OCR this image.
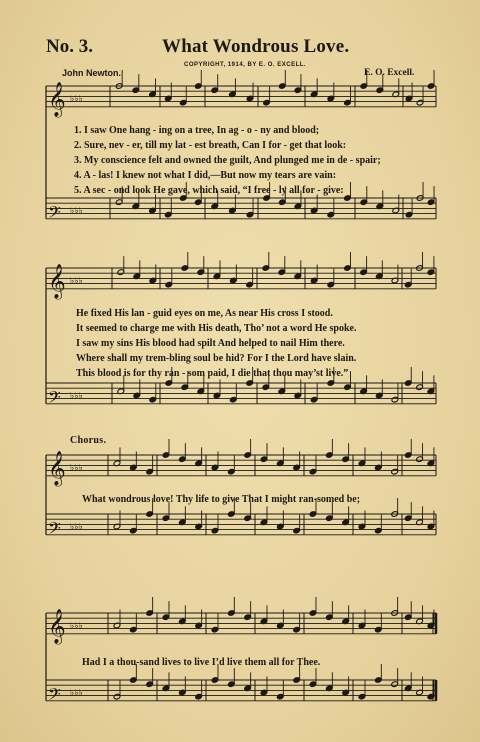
No. 3.	What Wondrous Love.
COPYRIGHT, 1914, BY E. O. EXCELL.
John Newton.	E. O. Excell.
𝄞 ♭♭♭
𝄢 ♭♭♭
𝄞 ♭♭♭
𝄢 ♭♭♭
𝄞 ♭♭♭
𝄢 ♭♭♭
𝄞 ♭♭♭
𝄢 ♭♭♭
1. I saw One hang - ing on a tree, In ag - o - ny and blood;
2. Sure, nev - er, till my lat - est breath, Can I for - get that look:
3. My conscience felt and owned the guilt, And plunged me in de - spair;
4. A - las! I knew not what I did,—But now my tears are vain:
5. A sec - ond look He gave, which said, “I free - ly all for - give:
He fixed His lan - guid eyes on me, As near His cross I stood.
It seemed to charge me with His death, Tho’ not a word He spoke.
I saw my sins His blood had spilt And helped to nail Him there.
Where shall my trem-bling soul be hid? For I the Lord have slain.
This blood is for thy ran - som paid, I die that thou may’st live.”
Chorus.
What wondrous love! Thy life to give That I might ran-somed be;
Had I a thou-sand lives to live I’d live them all for Thee.
